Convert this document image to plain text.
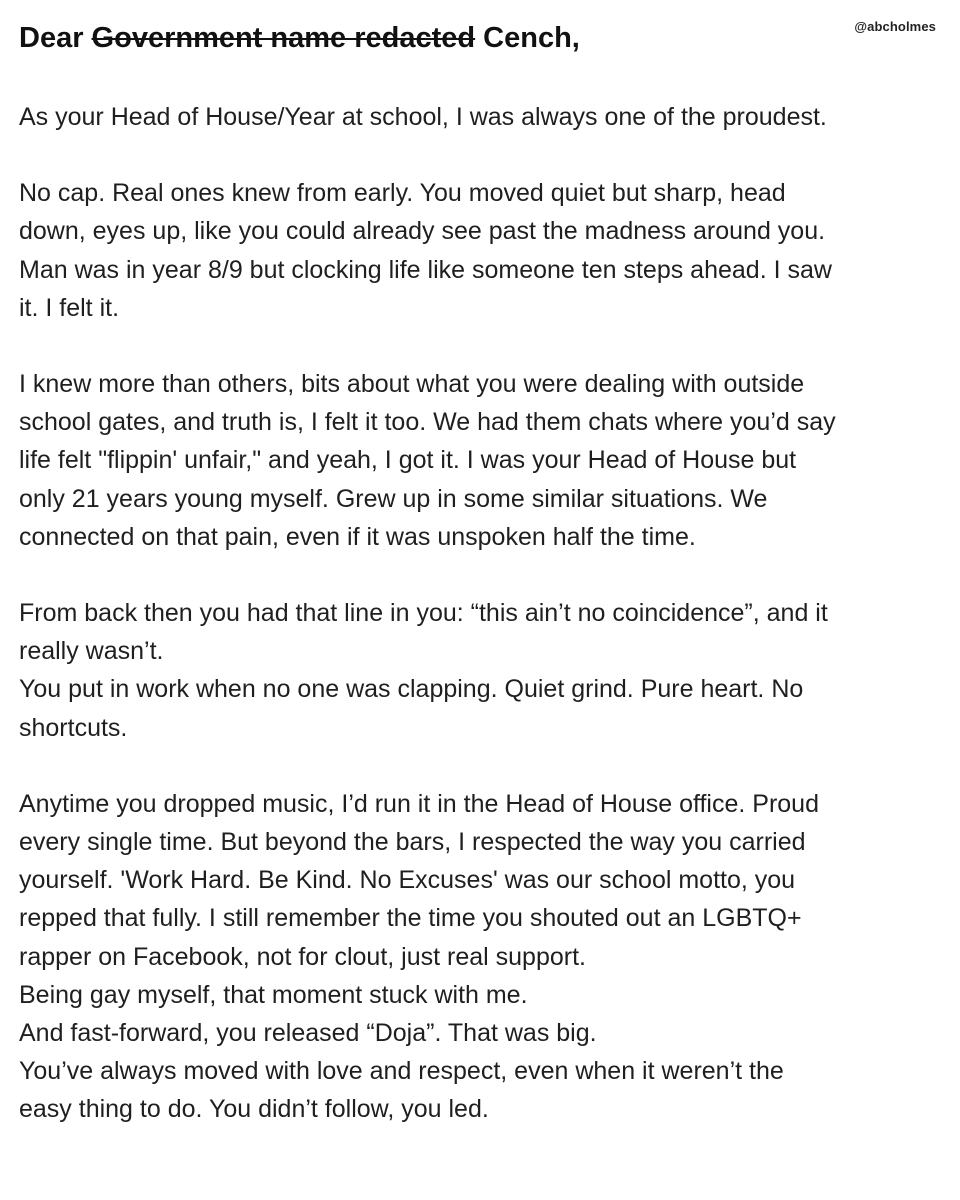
@abcholmes
Dear Government name redacted Cench,

As your Head of House/Year at school, I was always one of the proudest.

No cap. Real ones knew from early. You moved quiet but sharp, head
down, eyes up, like you could already see past the madness around you.
Man was in year 8/9 but clocking life like someone ten steps ahead. I saw
it. I felt it.

I knew more than others, bits about what you were dealing with outside
school gates, and truth is, I felt it too. We had them chats where you’d say
life felt "flippin' unfair," and yeah, I got it. I was your Head of House but
only 21 years young myself. Grew up in some similar situations. We
connected on that pain, even if it was unspoken half the time.

From back then you had that line in you: “this ain’t no coincidence”, and it
really wasn’t.
You put in work when no one was clapping. Quiet grind. Pure heart. No
shortcuts.

Anytime you dropped music, I’d run it in the Head of House office. Proud
every single time. But beyond the bars, I respected the way you carried
yourself. 'Work Hard. Be Kind. No Excuses' was our school motto, you
repped that fully. I still remember the time you shouted out an LGBTQ+
rapper on Facebook, not for clout, just real support.
Being gay myself, that moment stuck with me.
And fast-forward, you released “Doja”. That was big.
You’ve always moved with love and respect, even when it weren’t the
easy thing to do. You didn’t follow, you led.
